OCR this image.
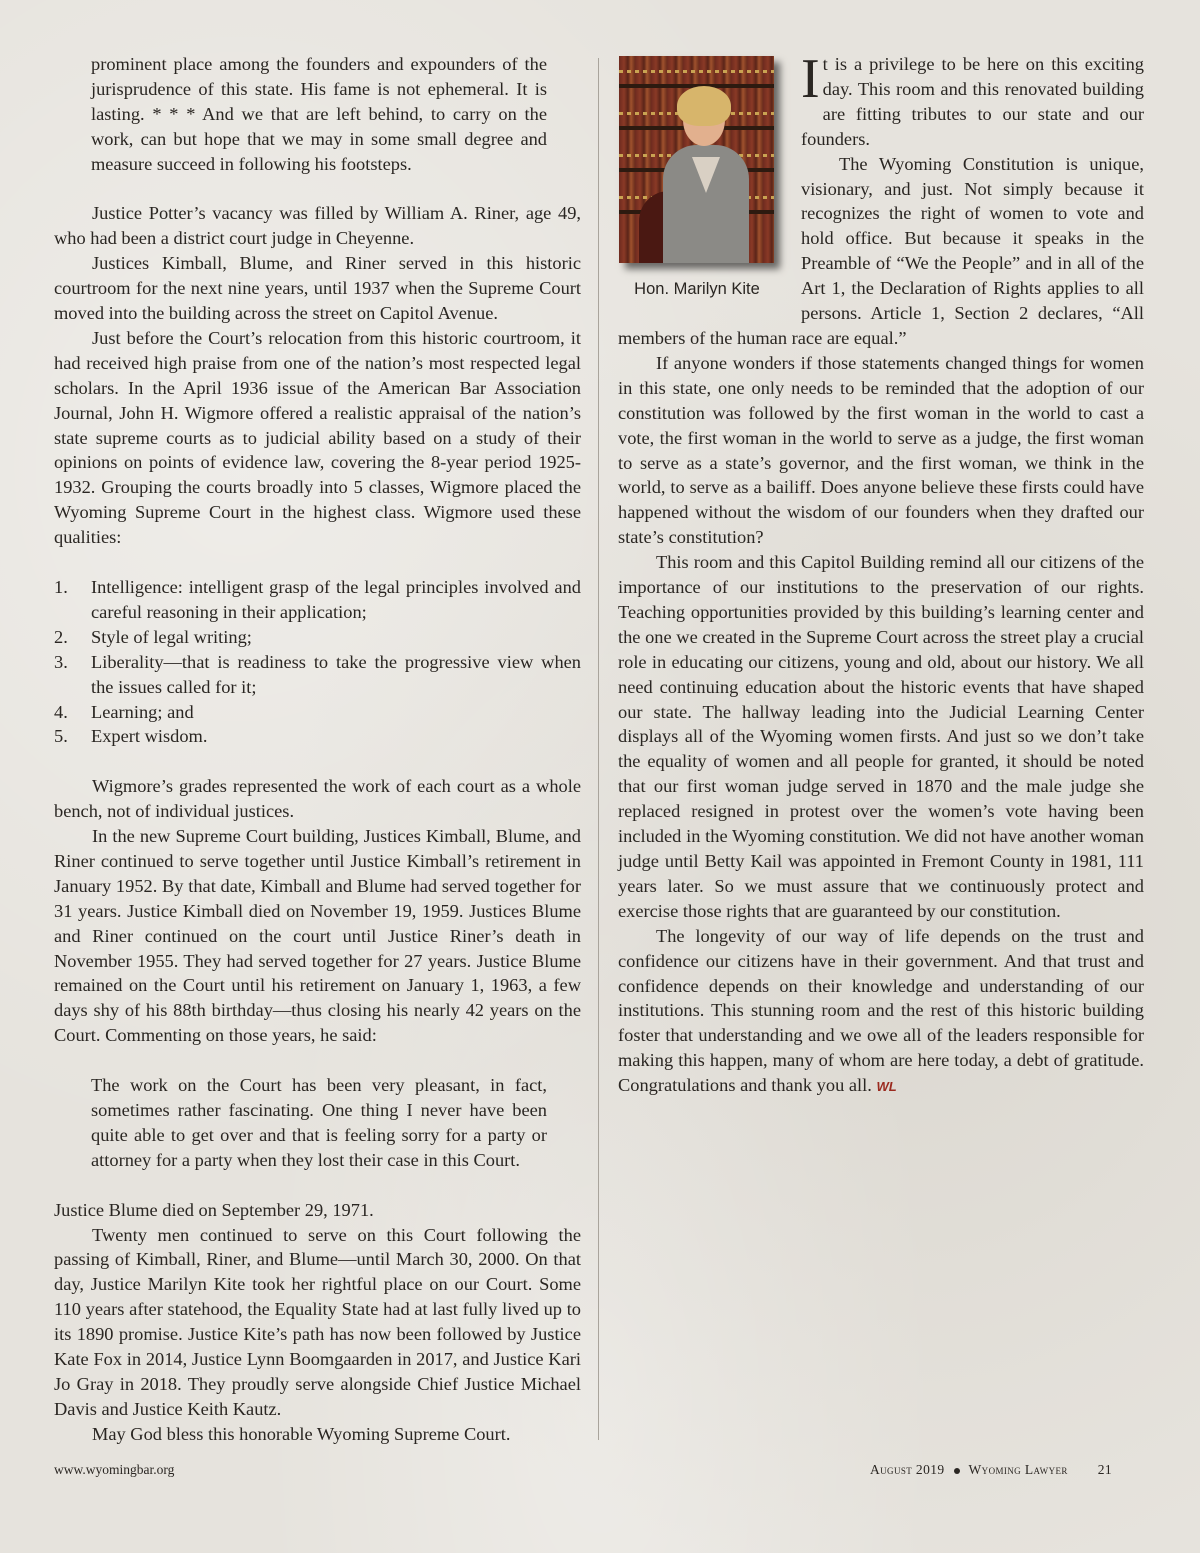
prominent place among the founders and expounders of the jurisprudence of this state. His fame is not ephemeral. It is lasting. * * * And we that are left behind, to carry on the work, can but hope that we may in some small degree and measure succeed in following his footsteps.

Justice Potter’s vacancy was filled by William A. Riner, age 49, who had been a district court judge in Cheyenne.

Justices Kimball, Blume, and Riner served in this historic courtroom for the next nine years, until 1937 when the Supreme Court moved into the building across the street on Capitol Avenue.

Just before the Court’s relocation from this historic courtroom, it had received high praise from one of the nation’s most respected legal scholars. In the April 1936 issue of the American Bar Association Journal, John H. Wigmore offered a realistic appraisal of the nation’s state supreme courts as to judicial ability based on a study of their opinions on points of evidence law, covering the 8-year period 1925-1932. Grouping the courts broadly into 5 classes, Wigmore placed the Wyoming Supreme Court in the highest class. Wigmore used these qualities:

1. Intelligence: intelligent grasp of the legal principles involved and careful reasoning in their application;
2. Style of legal writing;
3. Liberality—that is readiness to take the progressive view when the issues called for it;
4. Learning; and
5. Expert wisdom.

Wigmore’s grades represented the work of each court as a whole bench, not of individual justices.

In the new Supreme Court building, Justices Kimball, Blume, and Riner continued to serve together until Justice Kimball’s retirement in January 1952. By that date, Kimball and Blume had served together for 31 years. Justice Kimball died on November 19, 1959. Justices Blume and Riner continued on the court until Justice Riner’s death in November 1955. They had served together for 27 years. Justice Blume remained on the Court until his retirement on January 1, 1963, a few days shy of his 88th birthday—thus closing his nearly 42 years on the Court. Commenting on those years, he said:

The work on the Court has been very pleasant, in fact, sometimes rather fascinating. One thing I never have been quite able to get over and that is feeling sorry for a party or attorney for a party when they lost their case in this Court.

Justice Blume died on September 29, 1971.

Twenty men continued to serve on this Court following the passing of Kimball, Riner, and Blume—until March 30, 2000. On that day, Justice Marilyn Kite took her rightful place on our Court. Some 110 years after statehood, the Equality State had at last fully lived up to its 1890 promise. Justice Kite’s path has now been followed by Justice Kate Fox in 2014, Justice Lynn Boomgaarden in 2017, and Justice Kari Jo Gray in 2018. They proudly serve alongside Chief Justice Michael Davis and Justice Keith Kautz.

May God bless this honorable Wyoming Supreme Court.

Hon. Marilyn Kite

It is a privilege to be here on this exciting day. This room and this renovated building are fitting tributes to our state and our founders.

The Wyoming Constitution is unique, visionary, and just. Not simply because it recognizes the right of women to vote and hold office. But because it speaks in the Preamble of “We the People” and in all of the Art 1, the Declaration of Rights applies to all persons. Article 1, Section 2 declares, “All members of the human race are equal.”

If anyone wonders if those statements changed things for women in this state, one only needs to be reminded that the adoption of our constitution was followed by the first woman in the world to cast a vote, the first woman in the world to serve as a judge, the first woman to serve as a state’s governor, and the first woman, we think in the world, to serve as a bailiff. Does anyone believe these firsts could have happened without the wisdom of our founders when they drafted our state’s constitution?

This room and this Capitol Building remind all our citizens of the importance of our institutions to the preservation of our rights. Teaching opportunities provided by this building’s learning center and the one we created in the Supreme Court across the street play a crucial role in educating our citizens, young and old, about our history. We all need continuing education about the historic events that have shaped our state. The hallway leading into the Judicial Learning Center displays all of the Wyoming women firsts. And just so we don’t take the equality of women and all people for granted, it should be noted that our first woman judge served in 1870 and the male judge she replaced resigned in protest over the women’s vote having been included in the Wyoming constitution. We did not have another woman judge until Betty Kail was appointed in Fremont County in 1981, 111 years later. So we must assure that we continuously protect and exercise those rights that are guaranteed by our constitution.

The longevity of our way of life depends on the trust and confidence our citizens have in their government. And that trust and confidence depends on their knowledge and understanding of our institutions. This stunning room and the rest of this historic building foster that understanding and we owe all of the leaders responsible for making this happen, many of whom are here today, a debt of gratitude. Congratulations and thank you all. WL

www.wyomingbar.org	August 2019 Wyoming Lawyer 21
